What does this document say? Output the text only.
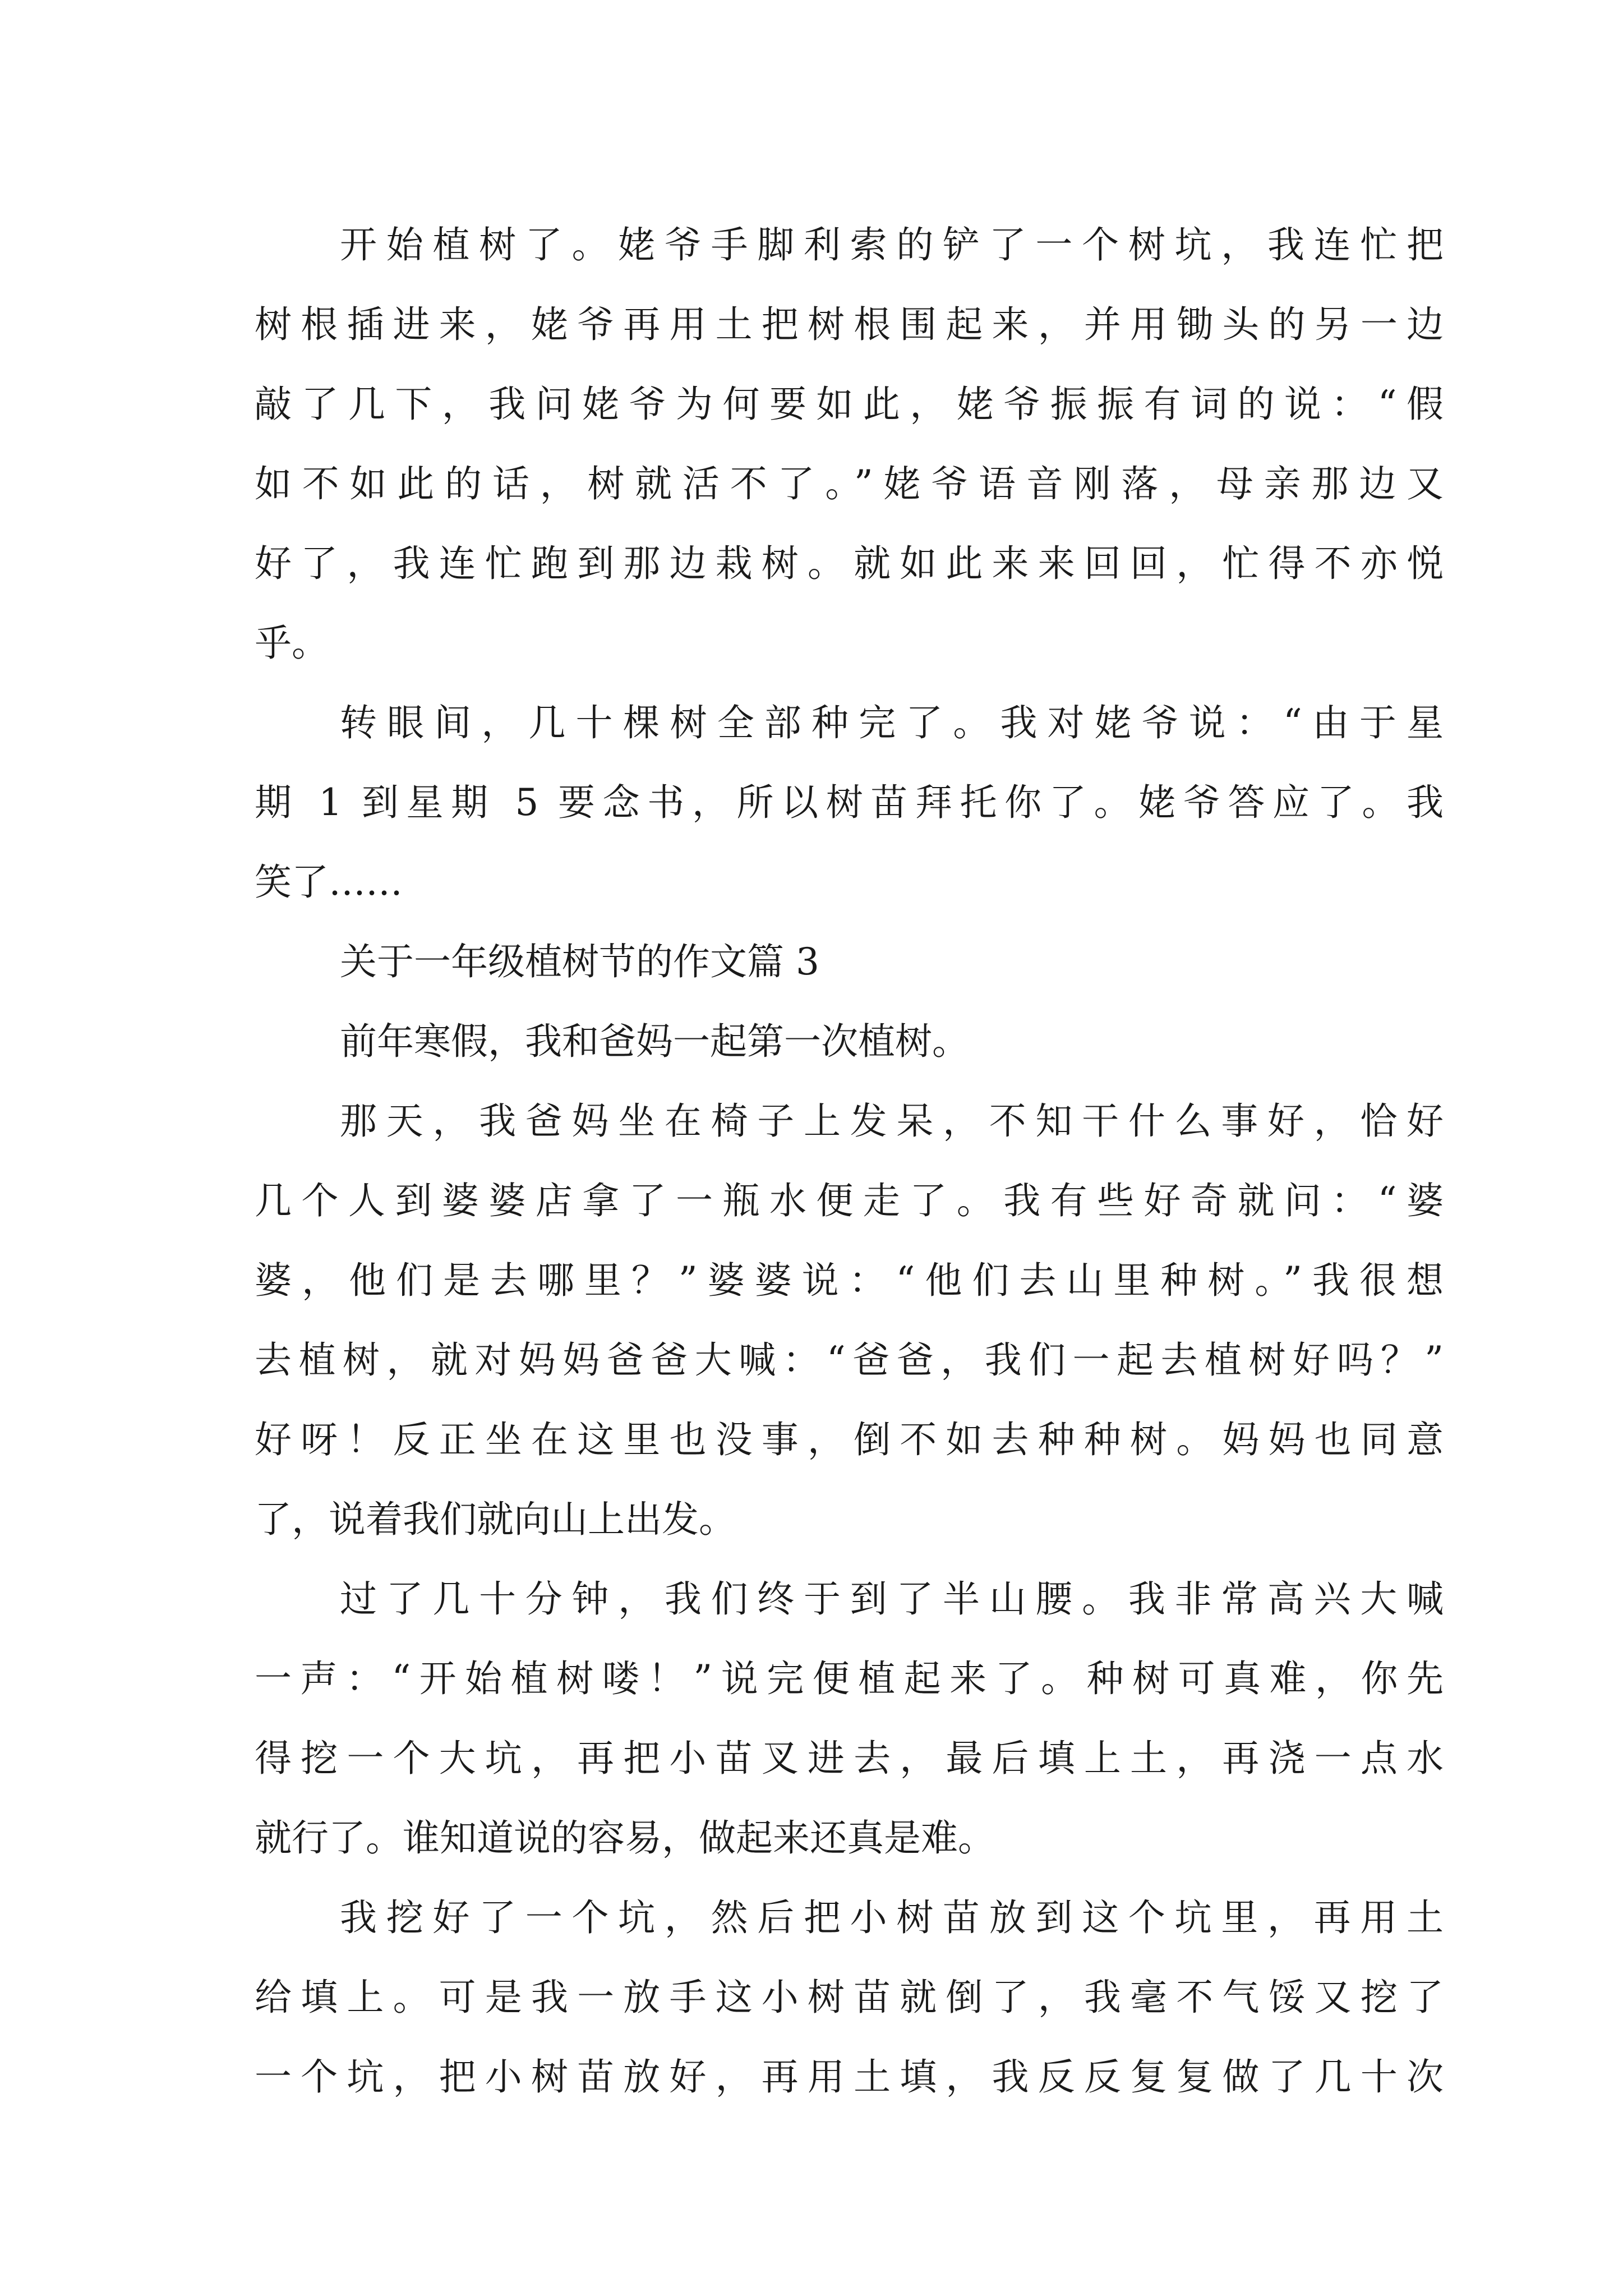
开始植树了。姥爷手脚利索的铲了一个树坑，我连忙把
树根插进来，姥爷再用土把树根围起来，并用锄头的另一边
敲了几下，我问姥爷为何要如此，姥爷振振有词的说：“假
如不如此的话，树就活不了。”姥爷语音刚落，母亲那边又
好了，我连忙跑到那边栽树。就如此来来回回，忙得不亦悦
乎。
转眼间，几十棵树全部种完了。我对姥爷说：“由于星
期 1 到星期 5 要念书，所以树苗拜托你了。姥爷答应了。我
笑了……
关于一年级植树节的作文篇 3
前年寒假，我和爸妈一起第一次植树。
那天，我爸妈坐在椅子上发呆，不知干什么事好，恰好
几个人到婆婆店拿了一瓶水便走了。我有些好奇就问：“婆
婆，他们是去哪里？”婆婆说：“他们去山里种树。”我很想
去植树，就对妈妈爸爸大喊：“爸爸，我们一起去植树好吗？”
好呀！反正坐在这里也没事，倒不如去种种树。妈妈也同意
了，说着我们就向山上出发。
过了几十分钟，我们终于到了半山腰。我非常高兴大喊
一声：“开始植树喽！”说完便植起来了。种树可真难，你先
得挖一个大坑，再把小苗叉进去，最后填上土，再浇一点水
就行了。谁知道说的容易，做起来还真是难。
我挖好了一个坑，然后把小树苗放到这个坑里，再用土
给填上。可是我一放手这小树苗就倒了，我毫不气馁又挖了
一个坑，把小树苗放好，再用土填，我反反复复做了几十次
